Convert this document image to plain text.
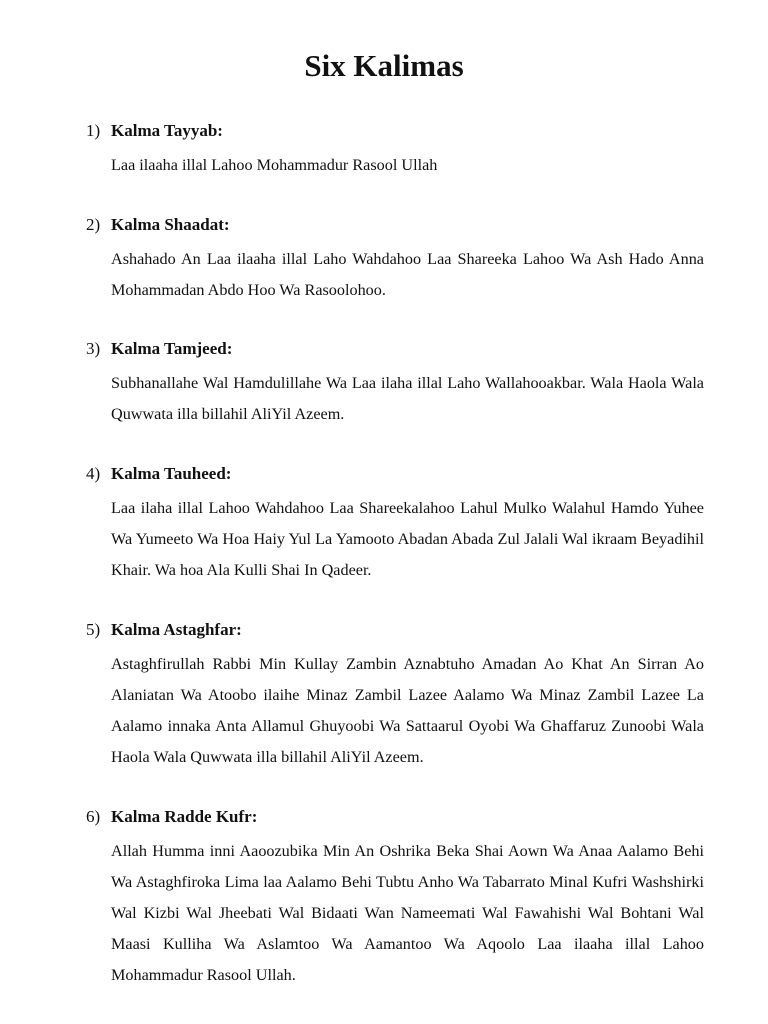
Six Kalimas
1) Kalma Tayyab:
Laa ilaaha illal Lahoo Mohammadur Rasool Ullah
2) Kalma Shaadat:
Ashahado An Laa ilaaha illal Laho Wahdahoo Laa Shareeka Lahoo Wa Ash Hado Anna Mohammadan Abdo Hoo Wa Rasoolohoo.
3) Kalma Tamjeed:
Subhanallahe Wal Hamdulillahe Wa Laa ilaha illal Laho Wallahooakbar. Wala Haola Wala Quwwata illa billahil AliYil Azeem.
4) Kalma Tauheed:
Laa ilaha illal Lahoo Wahdahoo Laa Shareekalahoo Lahul Mulko Walahul Hamdo Yuhee Wa Yumeeto Wa Hoa Haiy Yul La Yamooto Abadan Abada Zul Jalali Wal ikraam Beyadihil Khair. Wa hoa Ala Kulli Shai In Qadeer.
5) Kalma Astaghfar:
Astaghfirullah Rabbi Min Kullay Zambin Aznabtuho Amadan Ao Khat An Sirran Ao Alaniatan Wa Atoobo ilaihe Minaz Zambil Lazee Aalamo Wa Minaz Zambil Lazee La Aalamo innaka Anta Allamul Ghuyoobi Wa Sattaarul Oyobi Wa Ghaffaruz Zunoobi Wala Haola Wala Quwwata illa billahil AliYil Azeem.
6) Kalma Radde Kufr:
Allah Humma inni Aaoozubika Min An Oshrika Beka Shai Aown Wa Anaa Aalamo Behi Wa Astaghfiroka Lima laa Aalamo Behi Tubtu Anho Wa Tabarrato Minal Kufri Washshirki Wal Kizbi Wal Jheebati Wal Bidaati Wan Nameemati Wal Fawahishi Wal Bohtani Wal Maasi Kulliha Wa Aslamtoo Wa Aamantoo Wa Aqoolo Laa ilaaha illal Lahoo Mohammadur Rasool Ullah.
